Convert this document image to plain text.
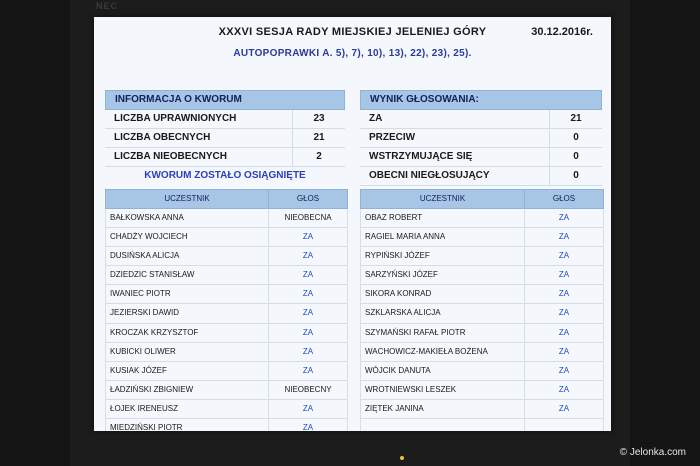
NEC
XXXVI SESJA RADY MIEJSKIEJ JELENIEJ GÓRY	30.12.2016r.
AUTOPOPRAWKI A. 5), 7), 10), 13), 22), 23), 25).
INFORMACJA O KWORUM
LICZBA UPRAWNIONYCH	23
LICZBA OBECNYCH	21
LICZBA NIEOBECNYCH	2
KWORUM ZOSTAŁO OSIĄGNIĘTE
WYNIK GŁOSOWANIA:
ZA	21
PRZECIW	0
WSTRZYMUJĄCE SIĘ	0
OBECNI NIEGŁOSUJĄCY	0
UCZESTNIK	GŁOS
BAŁKOWSKA ANNA	NIEOBECNA
CHADŻY WOJCIECH	ZA
DUSIŃSKA ALICJA	ZA
DZIEDZIC STANISŁAW	ZA
IWANIEC PIOTR	ZA
JEZIERSKI DAWID	ZA
KROCZAK KRZYSZTOF	ZA
KUBICKI OLIWER	ZA
KUSIAK JÓZEF	ZA
ŁADZIŃSKI ZBIGNIEW	NIEOBECNY
ŁOJEK IRENEUSZ	ZA
MIEDZIŃSKI PIOTR	ZA
UCZESTNIK	GŁOS
OBAZ ROBERT	ZA
RAGIEL MARIA ANNA	ZA
RYPIŃSKI JÓZEF	ZA
SARZYŃSKI JÓZEF	ZA
SIKORA KONRAD	ZA
SZKLARSKA ALICJA	ZA
SZYMAŃSKI RAFAŁ PIOTR	ZA
WACHOWICZ-MAKIEŁA BOŻENA	ZA
WÓJCIK DANUTA	ZA
WROTNIEWSKI LESZEK	ZA
ZIĘTEK JANINA	ZA
© Jelonka.com
